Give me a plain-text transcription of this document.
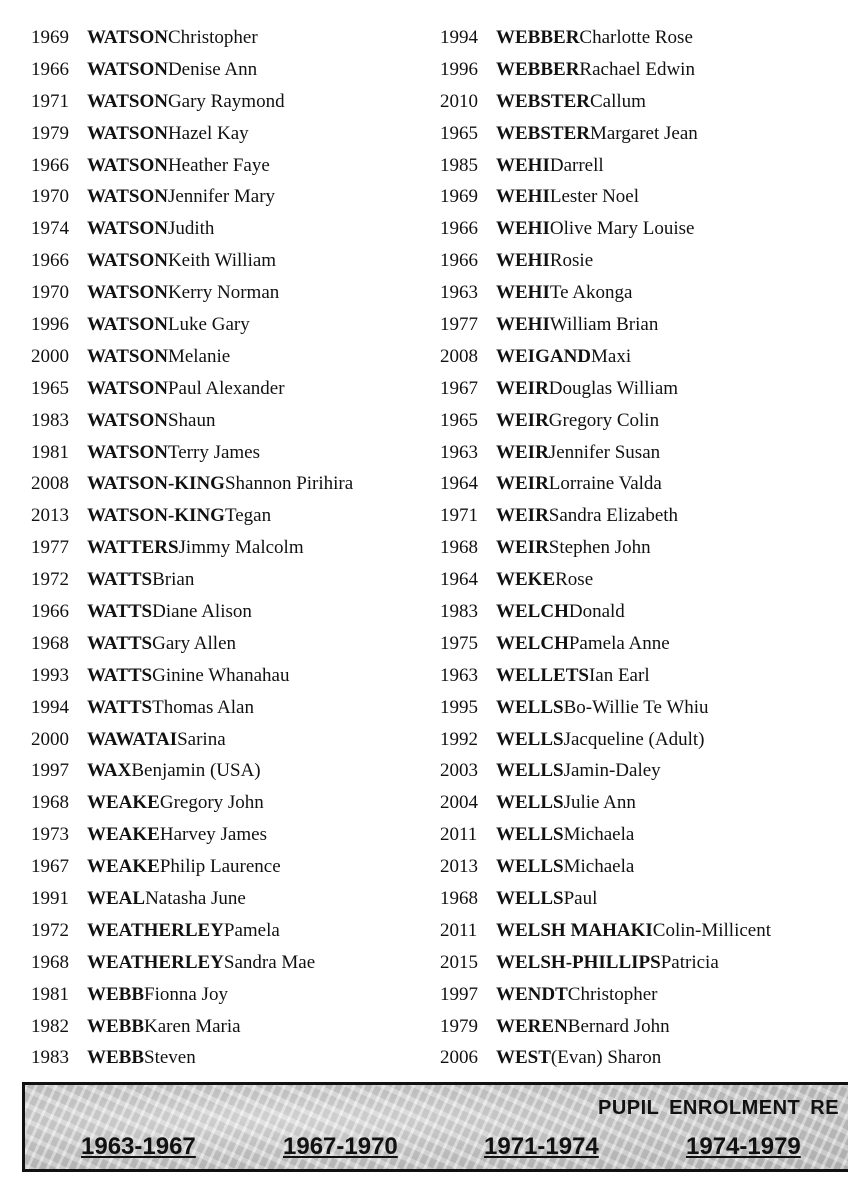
1969 WATSON Christopher
1966 WATSON Denise Ann
1971 WATSON Gary Raymond
1979 WATSON Hazel Kay
1966 WATSON Heather Faye
1970 WATSON Jennifer Mary
1974 WATSON Judith
1966 WATSON Keith William
1970 WATSON Kerry Norman
1996 WATSON Luke Gary
2000 WATSON Melanie
1965 WATSON Paul Alexander
1983 WATSON Shaun
1981 WATSON Terry James
2008 WATSON-KING Shannon Pirihira
2013 WATSON-KING Tegan
1977 WATTERS Jimmy Malcolm
1972 WATTS Brian
1966 WATTS Diane Alison
1968 WATTS Gary Allen
1993 WATTS Ginine Whanahau
1994 WATTS Thomas Alan
2000 WAWATAI Sarina
1997 WAX Benjamin (USA)
1968 WEAKE Gregory John
1973 WEAKE Harvey James
1967 WEAKE Philip Laurence
1991 WEAL Natasha June
1972 WEATHERLEY Pamela
1968 WEATHERLEY Sandra Mae
1981 WEBB Fionna Joy
1982 WEBB Karen Maria
1983 WEBB Steven
1994 WEBBER Charlotte Rose
1996 WEBBER Rachael Edwin
2010 WEBSTER Callum
1965 WEBSTER Margaret Jean
1985 WEHI Darrell
1969 WEHI Lester Noel
1966 WEHI Olive Mary Louise
1966 WEHI Rosie
1963 WEHI Te Akonga
1977 WEHI William Brian
2008 WEIGAND Maxi
1967 WEIR Douglas William
1965 WEIR Gregory Colin
1963 WEIR Jennifer Susan
1964 WEIR Lorraine Valda
1971 WEIR Sandra Elizabeth
1968 WEIR Stephen John
1964 WEKE Rose
1983 WELCH Donald
1975 WELCH Pamela Anne
1963 WELLETS Ian Earl
1995 WELLS Bo-Willie Te Whiu
1992 WELLS Jacqueline (Adult)
2003 WELLS Jamin-Daley
2004 WELLS Julie Ann
2011 WELLS Michaela
2013 WELLS Michaela
1968 WELLS Paul
2011 WELSH MAHAKI Colin-Millicent
2015 WELSH-PHILLIPS Patricia
1997 WENDT Christopher
1979 WEREN Bernard John
2006 WEST (Evan) Sharon
PUPIL ENROLMENT RE
1963-1967	1967-1970	1971-1974	1974-1979
